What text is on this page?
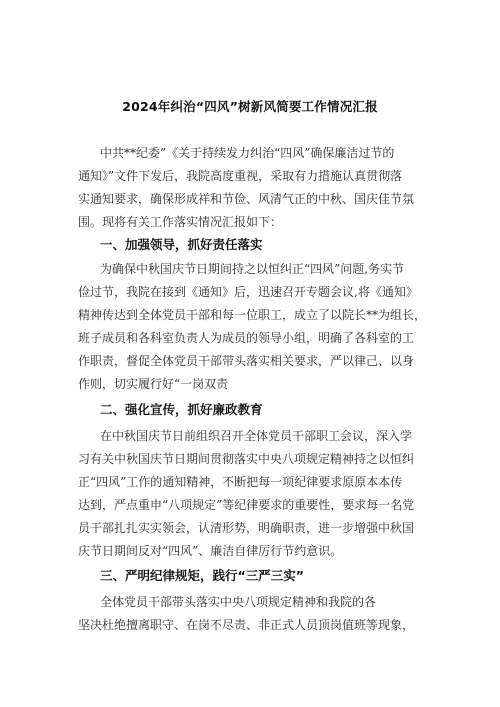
2024年纠治“四风”树新风简要工作情况汇报
中共**纪委”《关于持续发力纠治“四风”确保廉洁过节的
通知》”文件下发后，我院高度重视，采取有力措施认真贯彻落
实通知要求，确保形成祥和节俭、风清气正的中秋、国庆佳节氛
围。现将有关工作落实情况汇报如下：
一、加强领导，抓好责任落实
为确保中秋国庆节日期间持之以恒纠正“四风”问题,务实节
俭过节，我院在接到《通知》后，迅速召开专题会议,将《通知》
精神传达到全体党员干部和每一位职工，成立了以院长**为组长，
班子成员和各科室负责人为成员的领导小组，明确了各科室的工
作职责，督促全体党员干部带头落实相关要求，严以律己、以身
作则，切实履行好“一岗双责
二、强化宣传，抓好廉政教育
在中秋国庆节日前组织召开全体党员干部职工会议，深入学
习有关中秋国庆节日期间贯彻落实中央八项规定精神持之以恒纠
正“四风”工作的通知精神，不断把每一项纪律要求原原本本传
达到，严点重申“八项规定”等纪律要求的重要性，要求每一名党
员干部扎扎实实领会，认清形势，明确职责，进一步增强中秋国
庆节日期间反对“四风”、廉洁自律厉行节约意识。
三、严明纪律规矩，践行“三严三实”
全体党员干部带头落实中央八项规定精神和我院的各
坚决杜绝擅离职守、在岗不尽责、非正式人员顶岗值班等现象，
